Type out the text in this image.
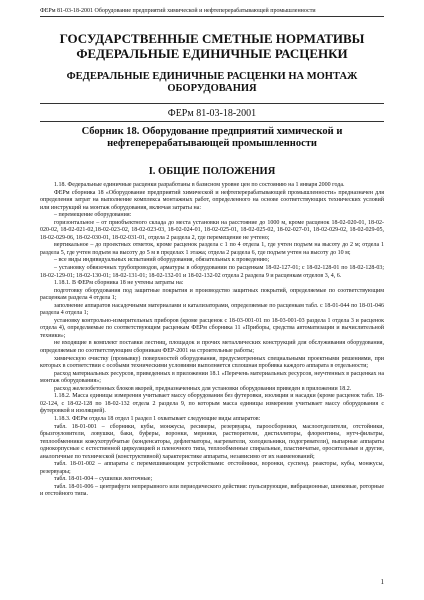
ФЕРм 81-03-18-2001 Оборудование предприятий химической и нефтеперерабатывающей промышленности
ГОСУДАРСТВЕННЫЕ СМЕТНЫЕ НОРМАТИВЫ ФЕДЕРАЛЬНЫЕ ЕДИНИЧНЫЕ РАСЦЕНКИ
ФЕДЕРАЛЬНЫЕ ЕДИНИЧНЫЕ РАСЦЕНКИ НА МОНТАЖ ОБОРУДОВАНИЯ
ФЕРм 81-03-18-2001
Сборник 18. Оборудование предприятий химической и нефтеперерабатывающей промышленности
I. ОБЩИЕ ПОЛОЖЕНИЯ

1.18. Федеральные единичные расценки разработаны в базисном уровне цен по состоянию на 1 января 2000 года.

ФЕРм сборника 18 «Оборудование предприятий химической и нефтеперерабатывающей промышленности» предназначен для определения затрат на выполнение комплекса монтажных работ, определенного на основе соответствующих технических условий или инструкций на монтаж оборудования, включая затраты на:

– перемещение оборудования:

горизонтальное – от приобъектного склада до места установки на расстояние до 1000 м, кроме расценок 18-02-020-01, 18-02-020-02, 18-02-021-02,18-02-023-02, 18-02-023-03, 18-02-024-01, 18-02-025-01, 18-02-025-02, 18-02-027-01, 18-02-029-02, 18-02-029-05, 18-02-029-06, 18-02-030-01, 18-02-031-01, отдела 2 раздела 2, где перемещение не учтено;

вертикальное – до проектных отметок, кроме расценок раздела с 1 по 4 отдела 1, где учтен подъем на высоту до 2 м; отдела 1 раздела 5, где учтен подъем на высоту до 5 м в пределах 1 этажа; отдела 2 раздела 6, где подъем учтен на высоту до 10 м;

– все виды индивидуальных испытаний оборудования, обязательных к проведению;

– установку обвязочных трубопроводов, арматуры в оборудовании по расценкам 18-02-127-01; с 18-02-128-01 по 18-02-128-03; 18-02-129-01; 18-02-130-01; 18-02-131-01; 18-02-132-01 и 18-02-132-02 отдела 2 раздела 9 и расценкам отделов 3, 4, 6.

1.18.1. В ФЕРм сборника 18 не учтены затраты на:

подготовку оборудования под защитные покрытия и производство защитных покрытий, определяемые по соответствующим расценкам раздела 4 отдела 1;

заполнение аппаратов насадочными материалами и катализаторами, определяемые по расценкам табл. с 18-01-044 по 18-01-046 раздела 4 отдела 1;

установку контрольно-измерительных приборов (кроме расценок с 18-03-001-01 по 18-03-001-03 раздела 1 отдела 3 и расценок отдела 4), определяемые по соответствующим расценкам ФЕРм сборника 11 «Приборы, средства автоматизации и вычислительной техники»;

не входящие в комплект поставки лестниц, площадок и прочих металлических конструкций для обслуживания оборудования, определяемые по соответствующим сборникам ФЕР-2001 на строительные работы;

химическую очистку (промывку) поверхностей оборудования, предусмотренных специальными проектными решениями, при которых в соответствии с особыми техническими условиями выполняется сплошная пробивка каждого аппарата в отдельности;

расход материальных ресурсов, приведенных в приложении 18.1 «Перечень материальных ресурсов, неучтенных в расценках на монтаж оборудования»;

расход железобетонных блоков якорей, предназначенных для установки оборудования приведен в приложении 18.2.

1.18.2. Масса единицы измерения учитывает массу оборудования без футеровки, изоляции и насадки (кроме расценок табл. 18-02-124, с 18-02-128 по 18-02-132 отдела 2 раздела 9, по которым масса единицы измерения учитывает массу оборудования с футеровкой и изоляцией).

1.18.3. ФЕРм отдела 18 отдел 1 раздел 1 охватывает следующие виды аппаратов:

табл. 18-01-001 – сборники, кубы, монжусы, ресиверы, резервуары, пароосборники, маслоотделители, отстойники, брызгоуловители, ловушки, баки, буферы, воронки, мерники, растворители, дистилляторы, флорентины, нутч-фильтры, теплообменники кожухотрубчатые (конденсаторы, дефлегматоры, нагреватели, холодильники, подогреватели), выпарные аппараты однокорпусные с естественной циркуляцией и пленочного типа, теплообменные спиральные, пластинчатые, оросительные и другие, аналогичные по технической (конструктивной) характеристике аппараты, независимо от их наименований;

табл. 18-01-002 – аппараты с перемешивающим устройствами: отстойники, воронки, суспенд. реакторы, кубы, монжусы, резервуары;

табл. 18-01-004 – сушилки ленточные;

табл. 18-01-006 – центрифуги непрерывного или периодического действия: пульсирующие, вибрационные, шнековые, роторные и отстойного типа.

1
